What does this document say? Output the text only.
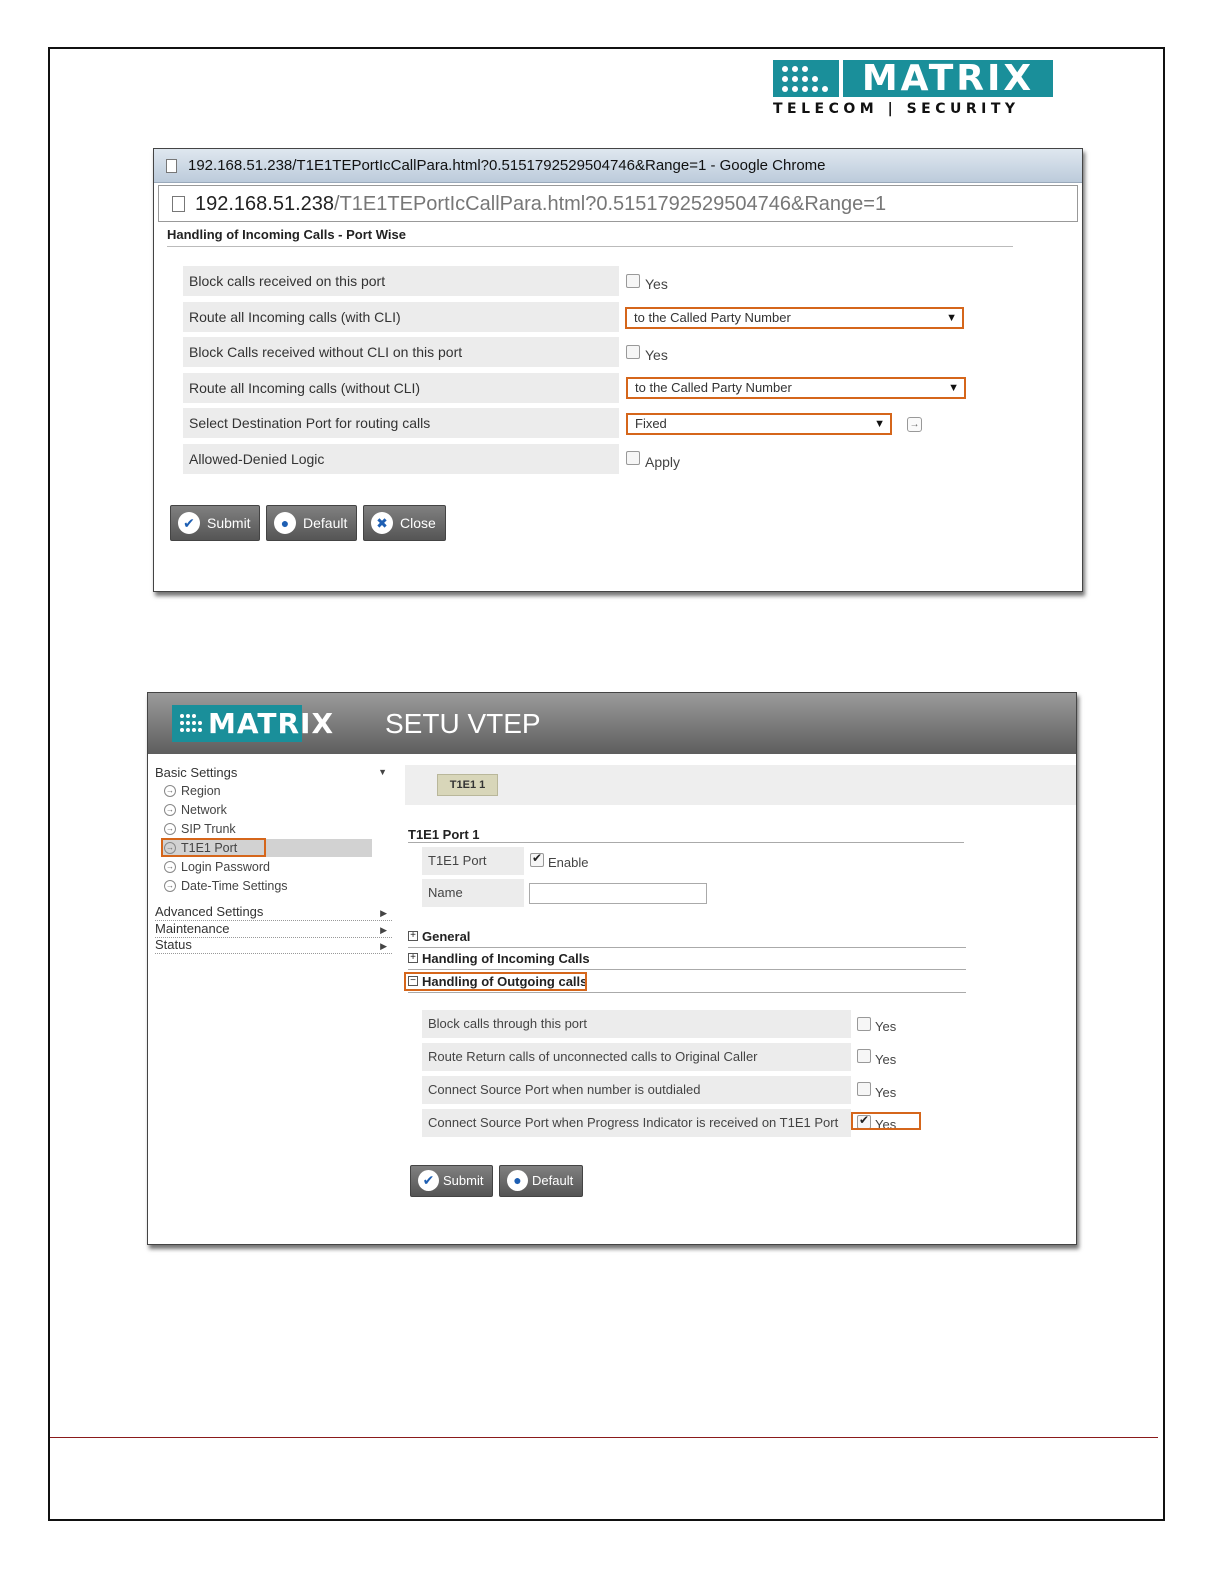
MATRIX
TELECOM | SECURITY
192.168.51.238/T1E1TEPortIcCallPara.html?0.5151792529504746&Range=1 - Google Chrome
192.168.51.238/T1E1TEPortIcCallPara.html?0.5151792529504746&Range=1
Handling of Incoming Calls - Port Wise
Block calls received on this port	Yes
Route all Incoming calls (with CLI)	to the Called Party Number	▼
Block Calls received without CLI on this port	Yes
Route all Incoming calls (without CLI)	to the Called Party Number	▼
Select Destination Port for routing calls	Fixed	▼ →
Allowed-Denied Logic	Apply
✔ Submit	● Default	✖ Close
MATRIX SETU VTEP
Basic Settings	▼
→ Region
→ Network
→ SIP Trunk
→ T1E1 Port
→ Login Password
→ Date-Time Settings
Advanced Settings	▶
Maintenance	▶
Status	▶
T1E1 1
T1E1 Port 1
T1E1 Port ✔	Enable
Name
+ General
+ Handling of Incoming Calls
− Handling of Outgoing calls
Block calls through this port	Yes
Route Return calls of unconnected calls to Original Caller	Yes
Connect Source Port when number is outdialed	Yes
Connect Source Port when Progress Indicator is received on T1E1 Port ✔	Yes
✔ Submit	● Default
